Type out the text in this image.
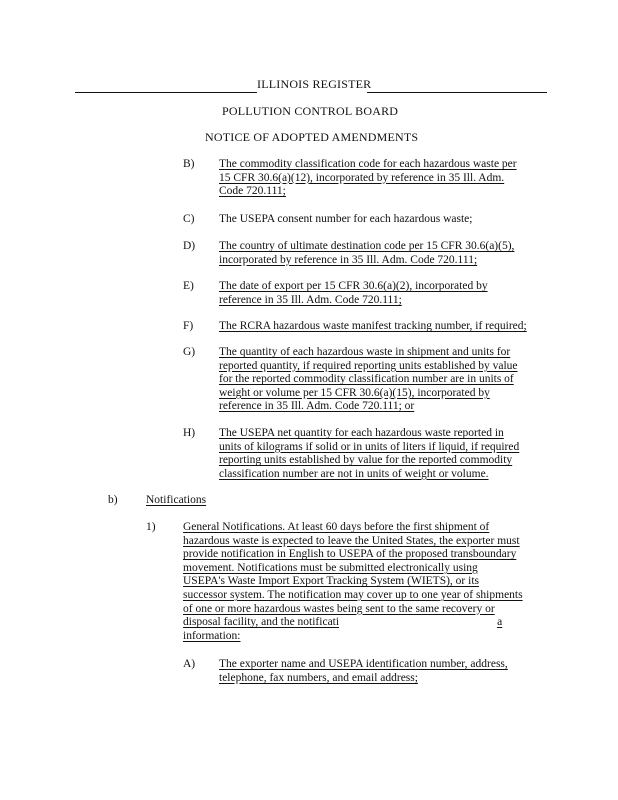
ILLINOIS REGISTER
POLLUTION CONTROL BOARD
NOTICE OF ADOPTED AMENDMENTS
B) The commodity classification code for each hazardous waste per
15 CFR 30.6(a)(12), incorporated by reference in 35 Ill. Adm.
Code 720.111;
C) The USEPA consent number for each hazardous waste;
D) The country of ultimate destination code per 15 CFR 30.6(a)(5),
incorporated by reference in 35 Ill. Adm. Code 720.111;
E) The date of export per 15 CFR 30.6(a)(2), incorporated by
reference in 35 Ill. Adm. Code 720.111;
F) The RCRA hazardous waste manifest tracking number, if required;
G) The quantity of each hazardous waste in shipment and units for
reported quantity, if required reporting units established by value
for the reported commodity classification number are in units of
weight or volume per 15 CFR 30.6(a)(15), incorporated by
reference in 35 Ill. Adm. Code 720.111; or
H) The USEPA net quantity for each hazardous waste reported in
units of kilograms if solid or in units of liters if liquid, if required
reporting units established by value for the reported commodity
classification number are not in units of weight or volume.
b) Notifications
1) General Notifications. At least 60 days before the first shipment of
hazardous waste is expected to leave the United States, the exporter must
provide notification in English to USEPA of the proposed transboundary
movement. Notifications must be submitted electronically using
USEPA's Waste Import Export Tracking System (WIETS), or its
successor system. The notification may cover up to one year of shipments
of one or more hazardous wastes being sent to the same recovery or
disposal facility, and the notificati	a
information:
A) The exporter name and USEPA identification number, address,
telephone, fax numbers, and email address;
